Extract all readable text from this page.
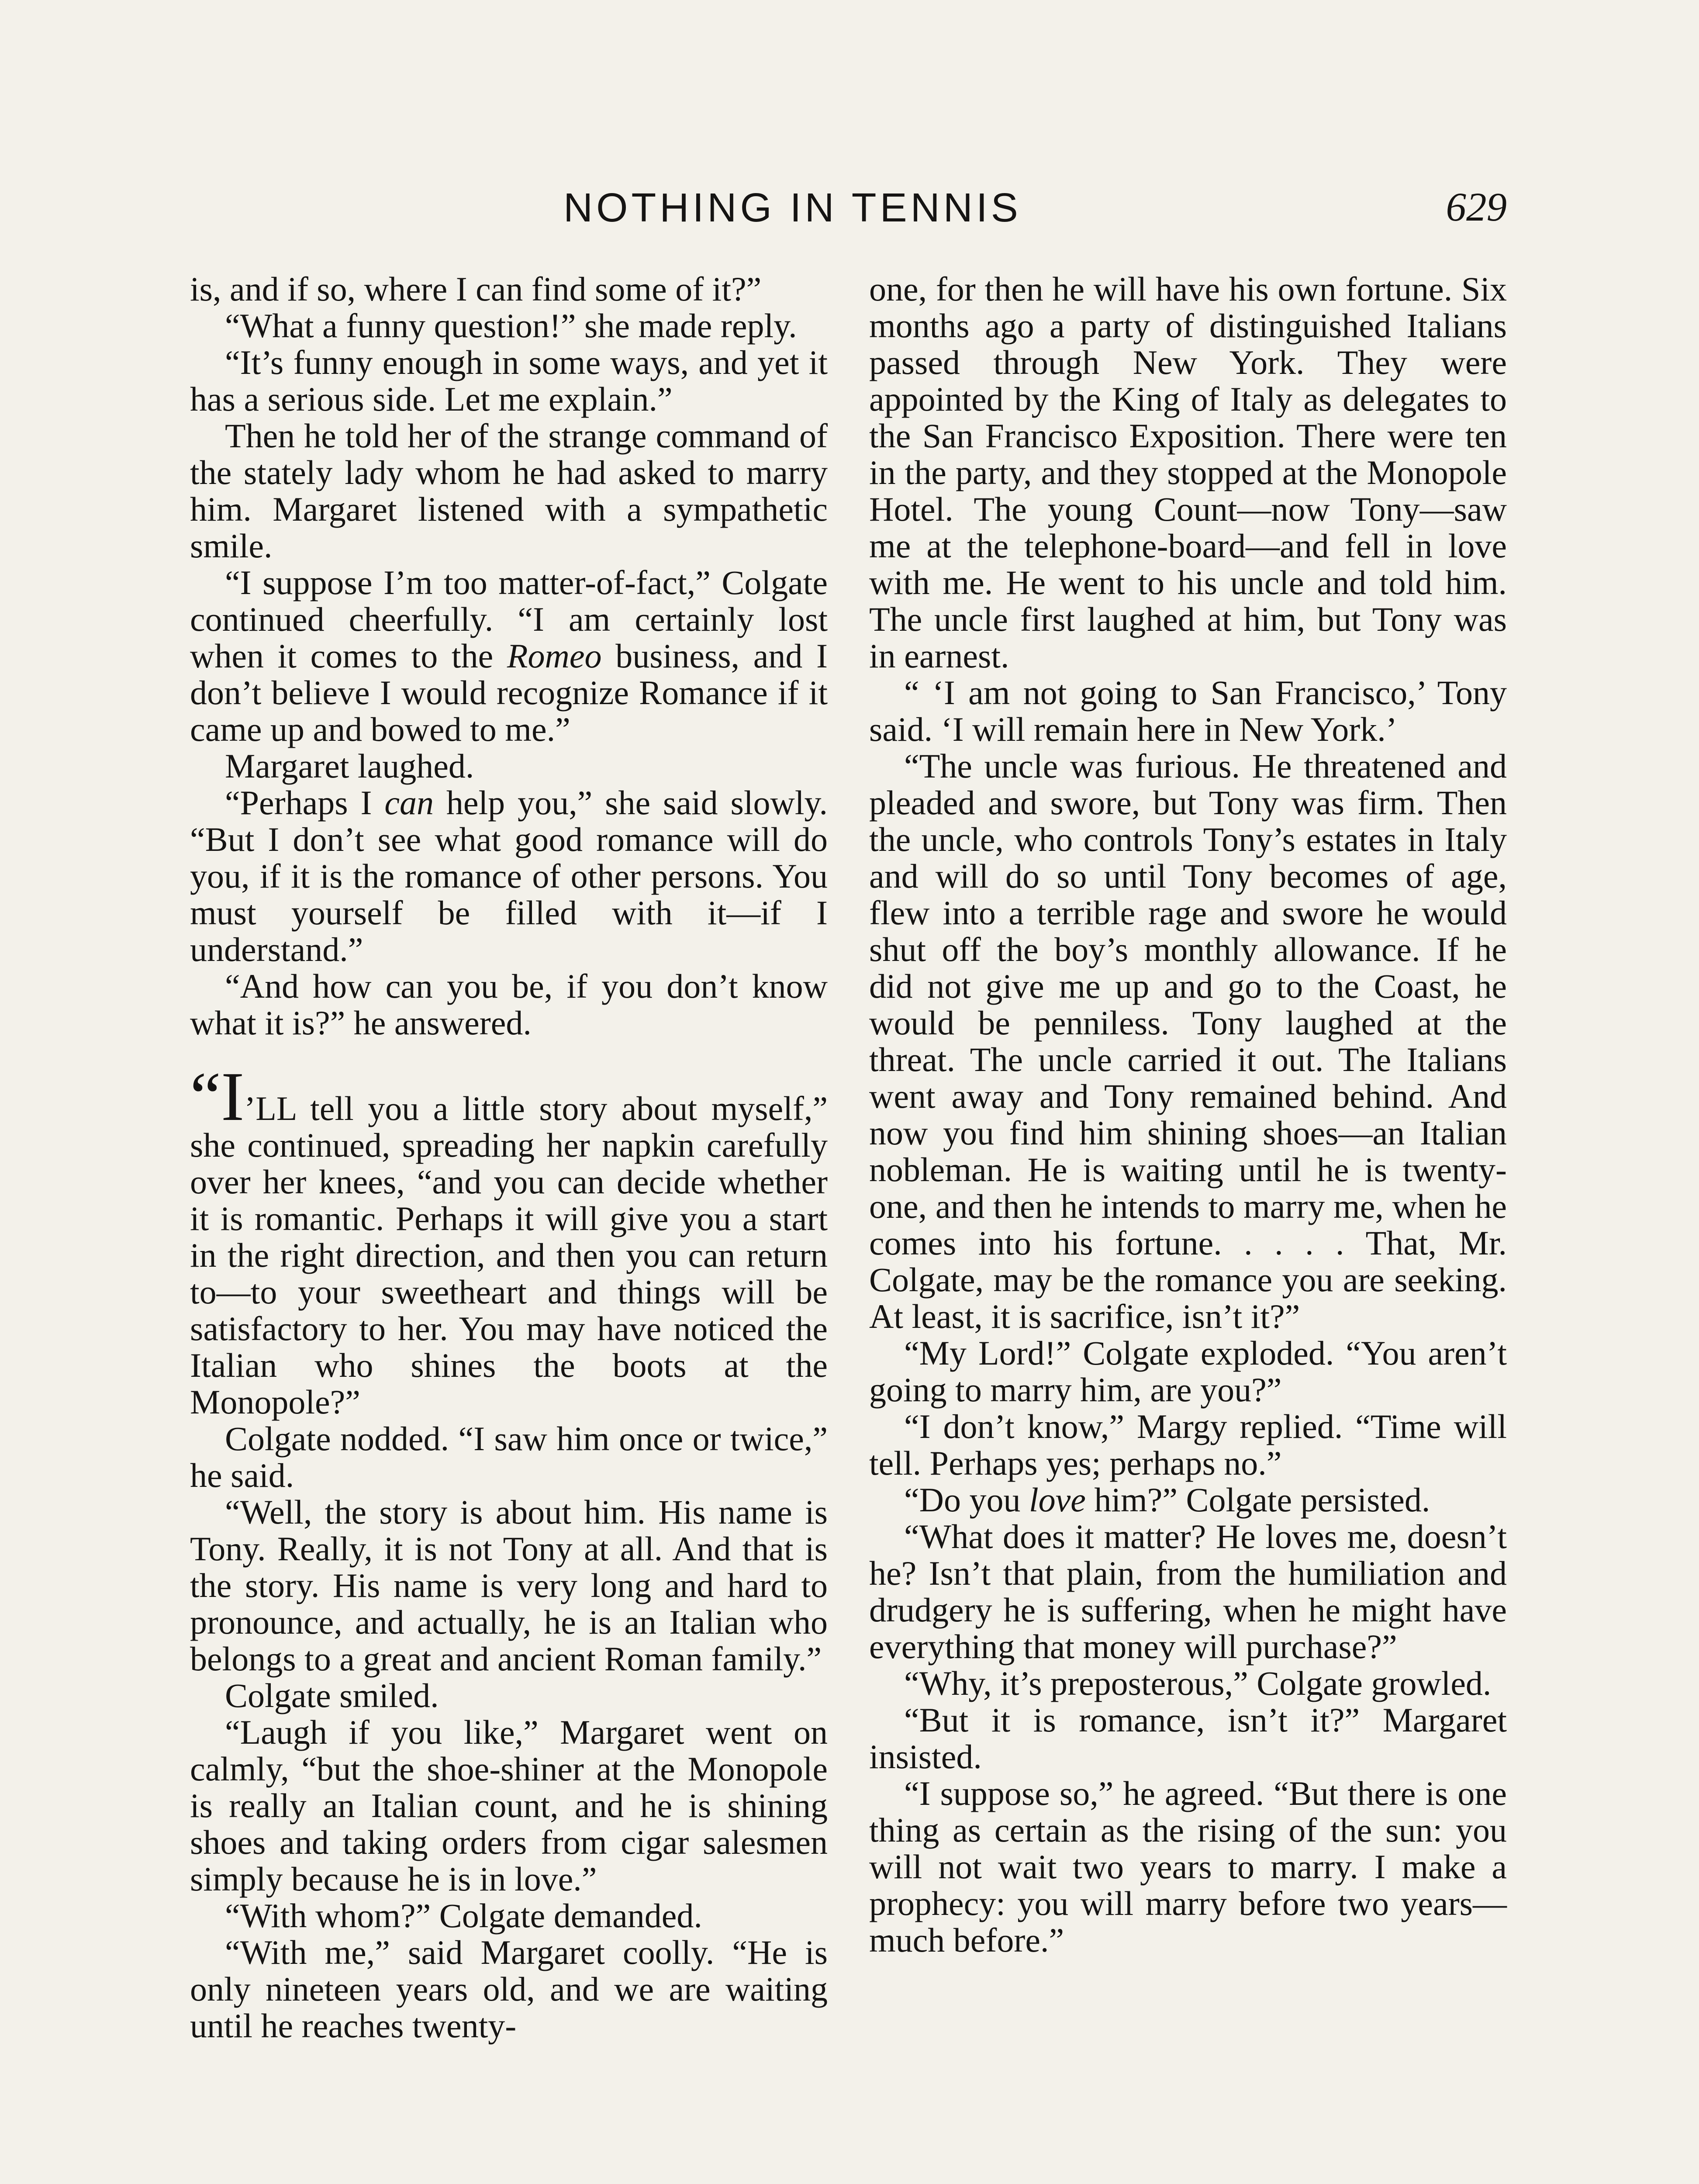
NOTHING IN TENNIS	629

is, and if so, where I can find some of it?”

“What a funny question!” she made reply.

“It’s funny enough in some ways, and yet it has a serious side. Let me explain.”

Then he told her of the strange command of the stately lady whom he had asked to marry him. Margaret listened with a sympathetic smile.

“I suppose I’m too matter-of-fact,” Colgate continued cheerfully. “I am certainly lost when it comes to the Romeo business, and I don’t believe I would recognize Romance if it came up and bowed to me.”

Margaret laughed.

“Perhaps I can help you,” she said slowly. “But I don’t see what good romance will do you, if it is the romance of other persons. You must yourself be filled with it—if I understand.”

“And how can you be, if you don’t know what it is?” he answered.

“I’LL tell you a little story about myself,” she continued, spreading her napkin carefully over her knees, “and you can decide whether it is romantic. Perhaps it will give you a start in the right direction, and then you can return to—to your sweetheart and things will be satisfactory to her. You may have noticed the Italian who shines the boots at the Monopole?”

Colgate nodded. “I saw him once or twice,” he said.

“Well, the story is about him. His name is Tony. Really, it is not Tony at all. And that is the story. His name is very long and hard to pronounce, and actually, he is an Italian who belongs to a great and ancient Roman family.”

Colgate smiled.

“Laugh if you like,” Margaret went on calmly, “but the shoe-shiner at the Monopole is really an Italian count, and he is shining shoes and taking orders from cigar salesmen simply because he is in love.”

“With whom?” Colgate demanded.

“With me,” said Margaret coolly. “He is only nineteen years old, and we are waiting until he reaches twenty-

one, for then he will have his own fortune. Six months ago a party of distinguished Italians passed through New York. They were appointed by the King of Italy as delegates to the San Francisco Exposition. There were ten in the party, and they stopped at the Monopole Hotel. The young Count—now Tony—saw me at the telephone-board—and fell in love with me. He went to his uncle and told him. The uncle first laughed at him, but Tony was in earnest.

“ ‘I am not going to San Francisco,’ Tony said. ‘I will remain here in New York.’

“The uncle was furious. He threatened and pleaded and swore, but Tony was firm. Then the uncle, who controls Tony’s estates in Italy and will do so until Tony becomes of age, flew into a terrible rage and swore he would shut off the boy’s monthly allowance. If he did not give me up and go to the Coast, he would be penniless. Tony laughed at the threat. The uncle carried it out. The Italians went away and Tony remained behind. And now you find him shining shoes—an Italian nobleman. He is waiting until he is twenty-one, and then he intends to marry me, when he comes into his fortune. . . . . That, Mr. Colgate, may be the romance you are seeking. At least, it is sacrifice, isn’t it?”

“My Lord!” Colgate exploded. “You aren’t going to marry him, are you?”

“I don’t know,” Margy replied. “Time will tell. Perhaps yes; perhaps no.”

“Do you love him?” Colgate persisted.

“What does it matter? He loves me, doesn’t he? Isn’t that plain, from the humiliation and drudgery he is suffering, when he might have everything that money will purchase?”

“Why, it’s preposterous,” Colgate growled.

“But it is romance, isn’t it?” Margaret insisted.

“I suppose so,” he agreed. “But there is one thing as certain as the rising of the sun: you will not wait two years to marry. I make a prophecy: you will marry before two years—much before.”
